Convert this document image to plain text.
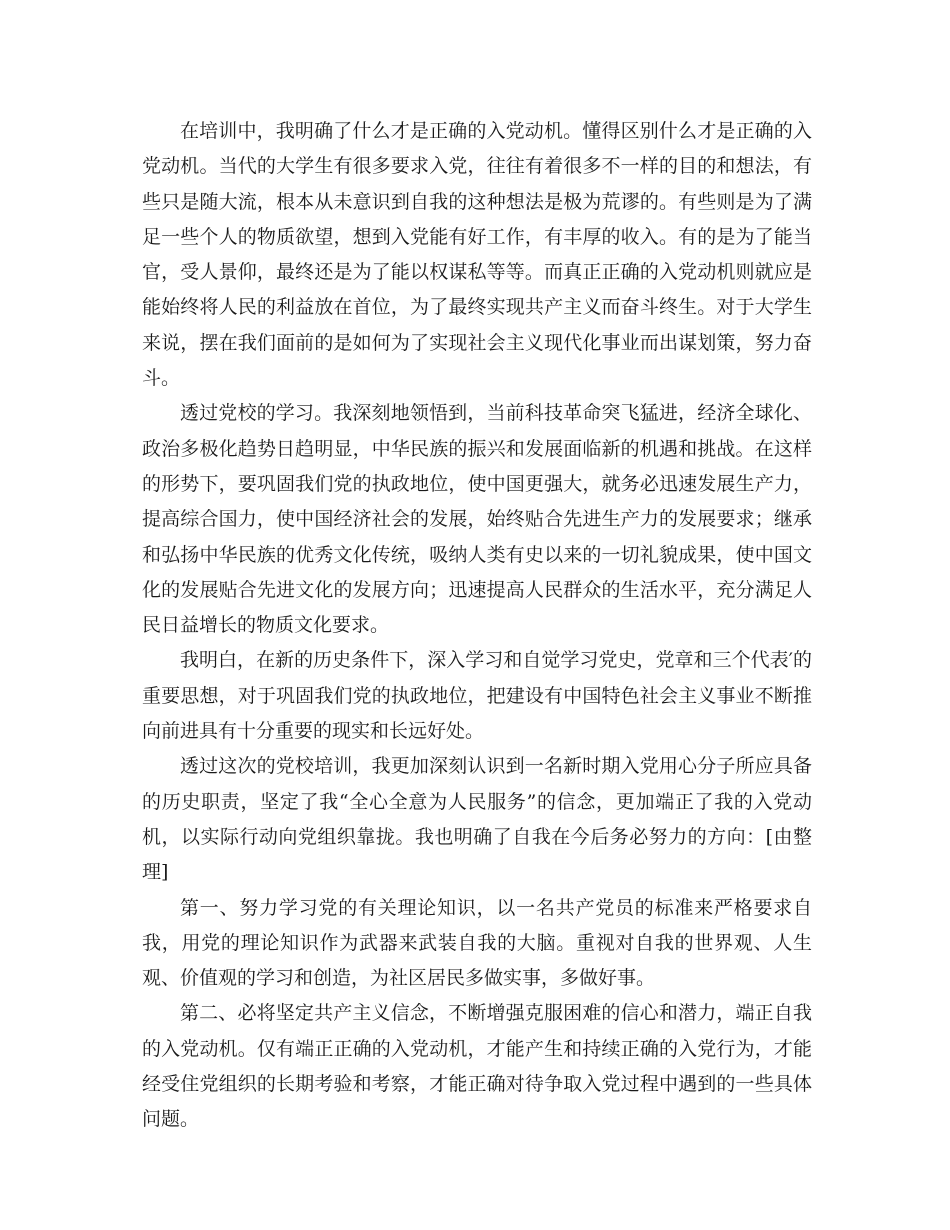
在培训中，我明确了什么才是正确的入党动机。懂得区别什么才是正确的入党动机。当代的大学生有很多要求入党，往往有着很多不一样的目的和想法，有些只是随大流，根本从未意识到自我的这种想法是极为荒谬的。有些则是为了满足一些个人的物质欲望，想到入党能有好工作，有丰厚的收入。有的是为了能当官，受人景仰，最终还是为了能以权谋私等等。而真正正确的入党动机则就应是能始终将人民的利益放在首位，为了最终实现共产主义而奋斗终生。对于大学生来说，摆在我们面前的是如何为了实现社会主义现代化事业而出谋划策，努力奋斗。

透过党校的学习。我深刻地领悟到，当前科技革命突飞猛进，经济全球化、政治多极化趋势日趋明显，中华民族的振兴和发展面临新的机遇和挑战。在这样的形势下，要巩固我们党的执政地位，使中国更强大，就务必迅速发展生产力，提高综合国力，使中国经济社会的发展，始终贴合先进生产力的发展要求；继承和弘扬中华民族的优秀文化传统，吸纳人类有史以来的一切礼貌成果，使中国文化的发展贴合先进文化的发展方向；迅速提高人民群众的生活水平，充分满足人民日益增长的物质文化要求。

我明白，在新的历史条件下，深入学习和自觉学习党史，党章和三个代表′的重要思想，对于巩固我们党的执政地位，把建设有中国特色社会主义事业不断推向前进具有十分重要的现实和长远好处。

透过这次的党校培训，我更加深刻认识到一名新时期入党用心分子所应具备的历史职责，坚定了我“全心全意为人民服务”的信念，更加端正了我的入党动机，以实际行动向党组织靠拢。我也明确了自我在今后务必努力的方向：[由整理]

第一、努力学习党的有关理论知识，以一名共产党员的标准来严格要求自我，用党的理论知识作为武器来武装自我的大脑。重视对自我的世界观、人生观、价值观的学习和创造，为社区居民多做实事，多做好事。

第二、必将坚定共产主义信念，不断增强克服困难的信心和潜力，端正自我的入党动机。仅有端正正确的入党动机，才能产生和持续正确的入党行为，才能经受住党组织的长期考验和考察，才能正确对待争取入党过程中遇到的一些具体问题。
